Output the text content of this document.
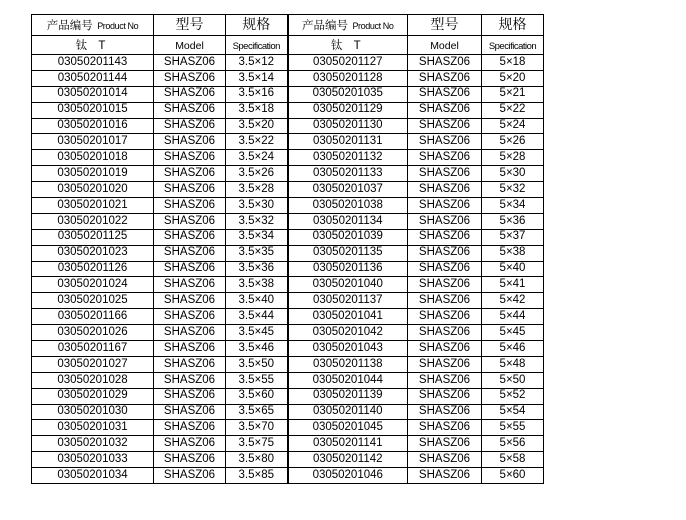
产品编号 Product No	型号	规格	产品编号 Product No	型号	规格
钛 T	Model	Specification	钛 T	Model	Specification
03050201143	SHASZ06	3.5×12	03050201127	SHASZ06	5×18
03050201144	SHASZ06	3.5×14	03050201128	SHASZ06	5×20
03050201014	SHASZ06	3.5×16	03050201035	SHASZ06	5×21
03050201015	SHASZ06	3.5×18	03050201129	SHASZ06	5×22
03050201016	SHASZ06	3.5×20	03050201130	SHASZ06	5×24
03050201017	SHASZ06	3.5×22	03050201131	SHASZ06	5×26
03050201018	SHASZ06	3.5×24	03050201132	SHASZ06	5×28
03050201019	SHASZ06	3.5×26	03050201133	SHASZ06	5×30
03050201020	SHASZ06	3.5×28	03050201037	SHASZ06	5×32
03050201021	SHASZ06	3.5×30	03050201038	SHASZ06	5×34
03050201022	SHASZ06	3.5×32	03050201134	SHASZ06	5×36
03050201125	SHASZ06	3.5×34	03050201039	SHASZ06	5×37
03050201023	SHASZ06	3.5×35	03050201135	SHASZ06	5×38
03050201126	SHASZ06	3.5×36	03050201136	SHASZ06	5×40
03050201024	SHASZ06	3.5×38	03050201040	SHASZ06	5×41
03050201025	SHASZ06	3.5×40	03050201137	SHASZ06	5×42
03050201166	SHASZ06	3.5×44	03050201041	SHASZ06	5×44
03050201026	SHASZ06	3.5×45	03050201042	SHASZ06	5×45
03050201167	SHASZ06	3.5×46	03050201043	SHASZ06	5×46
03050201027	SHASZ06	3.5×50	03050201138	SHASZ06	5×48
03050201028	SHASZ06	3.5×55	03050201044	SHASZ06	5×50
03050201029	SHASZ06	3.5×60	03050201139	SHASZ06	5×52
03050201030	SHASZ06	3.5×65	03050201140	SHASZ06	5×54
03050201031	SHASZ06	3.5×70	03050201045	SHASZ06	5×55
03050201032	SHASZ06	3.5×75	03050201141	SHASZ06	5×56
03050201033	SHASZ06	3.5×80	03050201142	SHASZ06	5×58
03050201034	SHASZ06	3.5×85	03050201046	SHASZ06	5×60
